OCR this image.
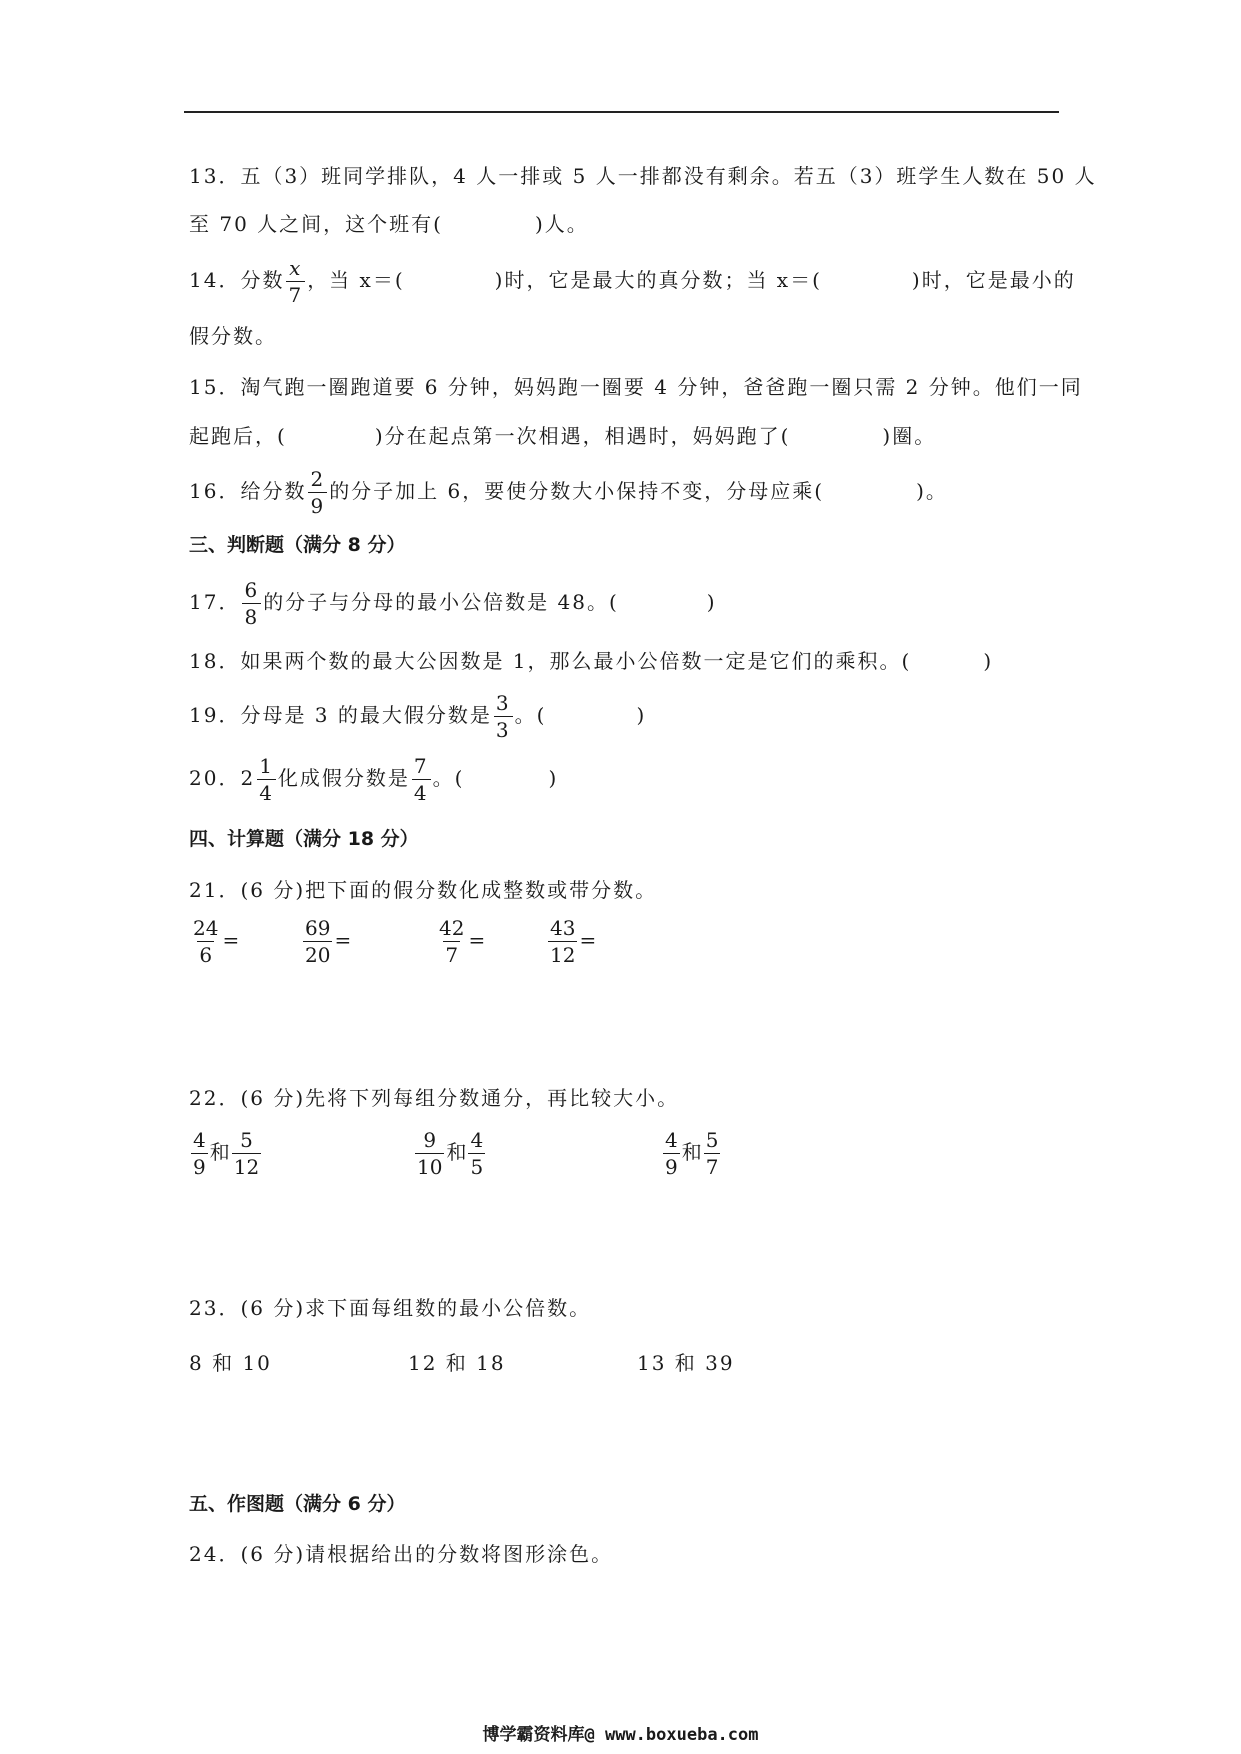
13．五（3）班同学排队，4 人一排或 5 人一排都没有剩余。若五（3）班学生人数在 50 人
至 70 人之间，这个班有(	)人。
14．分数 $\frac{x}{7}$ ，当 x＝(	)时，它是最大的真分数；当 x＝(	)时，它是最小的
假分数。
15．淘气跑一圈跑道要 6 分钟，妈妈跑一圈要 4 分钟，爸爸跑一圈只需 2 分钟。他们一同
起跑后，(	)分在起点第一次相遇，相遇时，妈妈跑了(	)圈。
16．给分数 $\frac{2}{9}$ 的分子加上 6，要使分数大小保持不变，分母应乘(	)。
三、判断题（满分 8 分）
17． $\frac{6}{8}$ 的分子与分母的最小公倍数是 48。(	)
18．如果两个数的最大公因数是 1，那么最小公倍数一定是它们的乘积。(	)
19．分母是 3 的最大假分数是 $\frac{3}{3}$ 。(	)
20．$2 \frac{1}{4}$ 化成假分数是 $\frac{7}{4}$ 。(	)
四、计算题（满分 18 分）
21．(6 分)把下面的假分数化成整数或带分数。
$\frac{24}{6}$ =	$\frac{69}{20}$ =	$\frac{42}{7}$ =	$\frac{43}{12}$ =
22．(6 分)先将下列每组分数通分，再比较大小。
$\frac{4}{9}$ 和 $\frac{5}{12}$	$\frac{9}{10}$ 和 $\frac{4}{5}$	$\frac{4}{9}$ 和 $\frac{5}{7}$
23．(6 分)求下面每组数的最小公倍数。
8 和 10	12 和 18	13 和 39
五、作图题（满分 6 分）
24．(6 分)请根据给出的分数将图形涂色。
博学霸资料库@ www.boxueba.com
